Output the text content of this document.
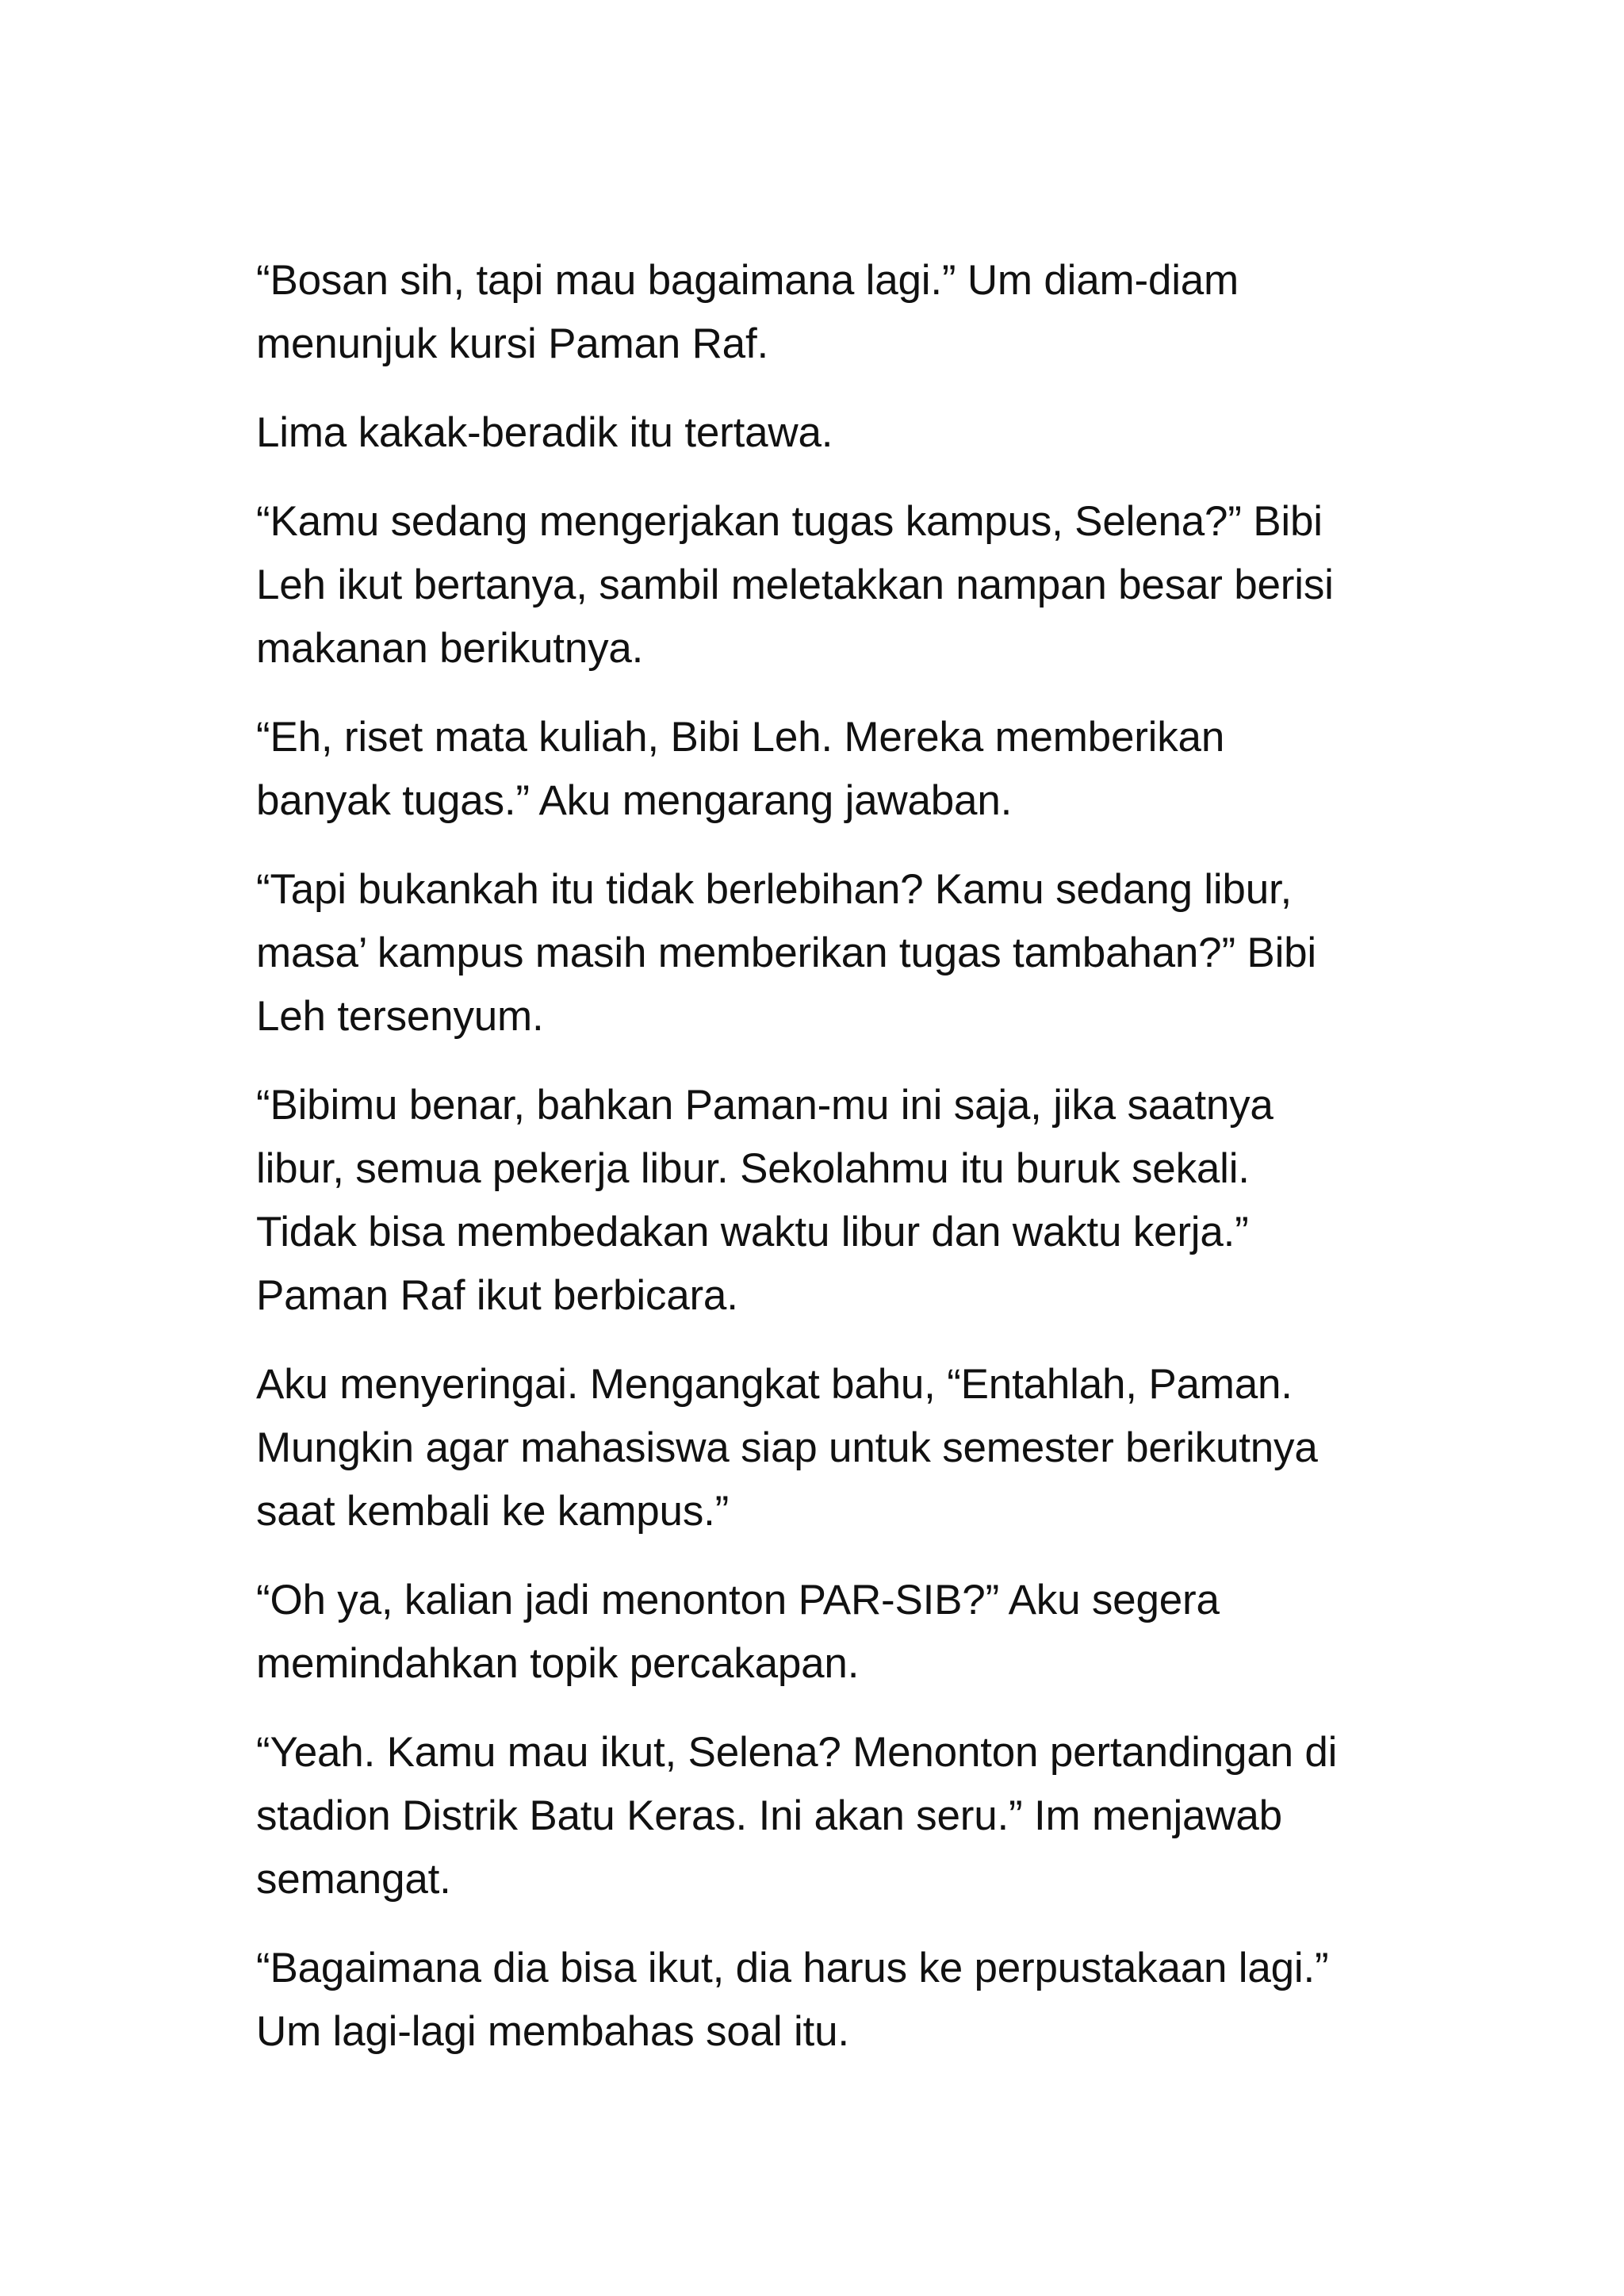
“Bosan sih, tapi mau bagaimana lagi.” Um diam-diam
menunjuk kursi Paman Raf.

Lima kakak-beradik itu tertawa.

“Kamu sedang mengerjakan tugas kampus, Selena?” Bibi
Leh ikut bertanya, sambil meletakkan nampan besar berisi
makanan berikutnya.

“Eh, riset mata kuliah, Bibi Leh. Mereka memberikan
banyak tugas.” Aku mengarang jawaban.

“Tapi bukankah itu tidak berlebihan? Kamu sedang libur,
masa’ kampus masih memberikan tugas tambahan?” Bibi
Leh tersenyum.

“Bibimu benar, bahkan Paman-mu ini saja, jika saatnya
libur, semua pekerja libur. Sekolahmu itu buruk sekali.
Tidak bisa membedakan waktu libur dan waktu kerja.”
Paman Raf ikut berbicara.

Aku menyeringai. Mengangkat bahu, “Entahlah, Paman.
Mungkin agar mahasiswa siap untuk semester berikutnya
saat kembali ke kampus.”

“Oh ya, kalian jadi menonton PAR-SIB?” Aku segera
memindahkan topik percakapan.

“Yeah. Kamu mau ikut, Selena? Menonton pertandingan di
stadion Distrik Batu Keras. Ini akan seru.” Im menjawab
semangat.

“Bagaimana dia bisa ikut, dia harus ke perpustakaan lagi.”
Um lagi-lagi membahas soal itu.
